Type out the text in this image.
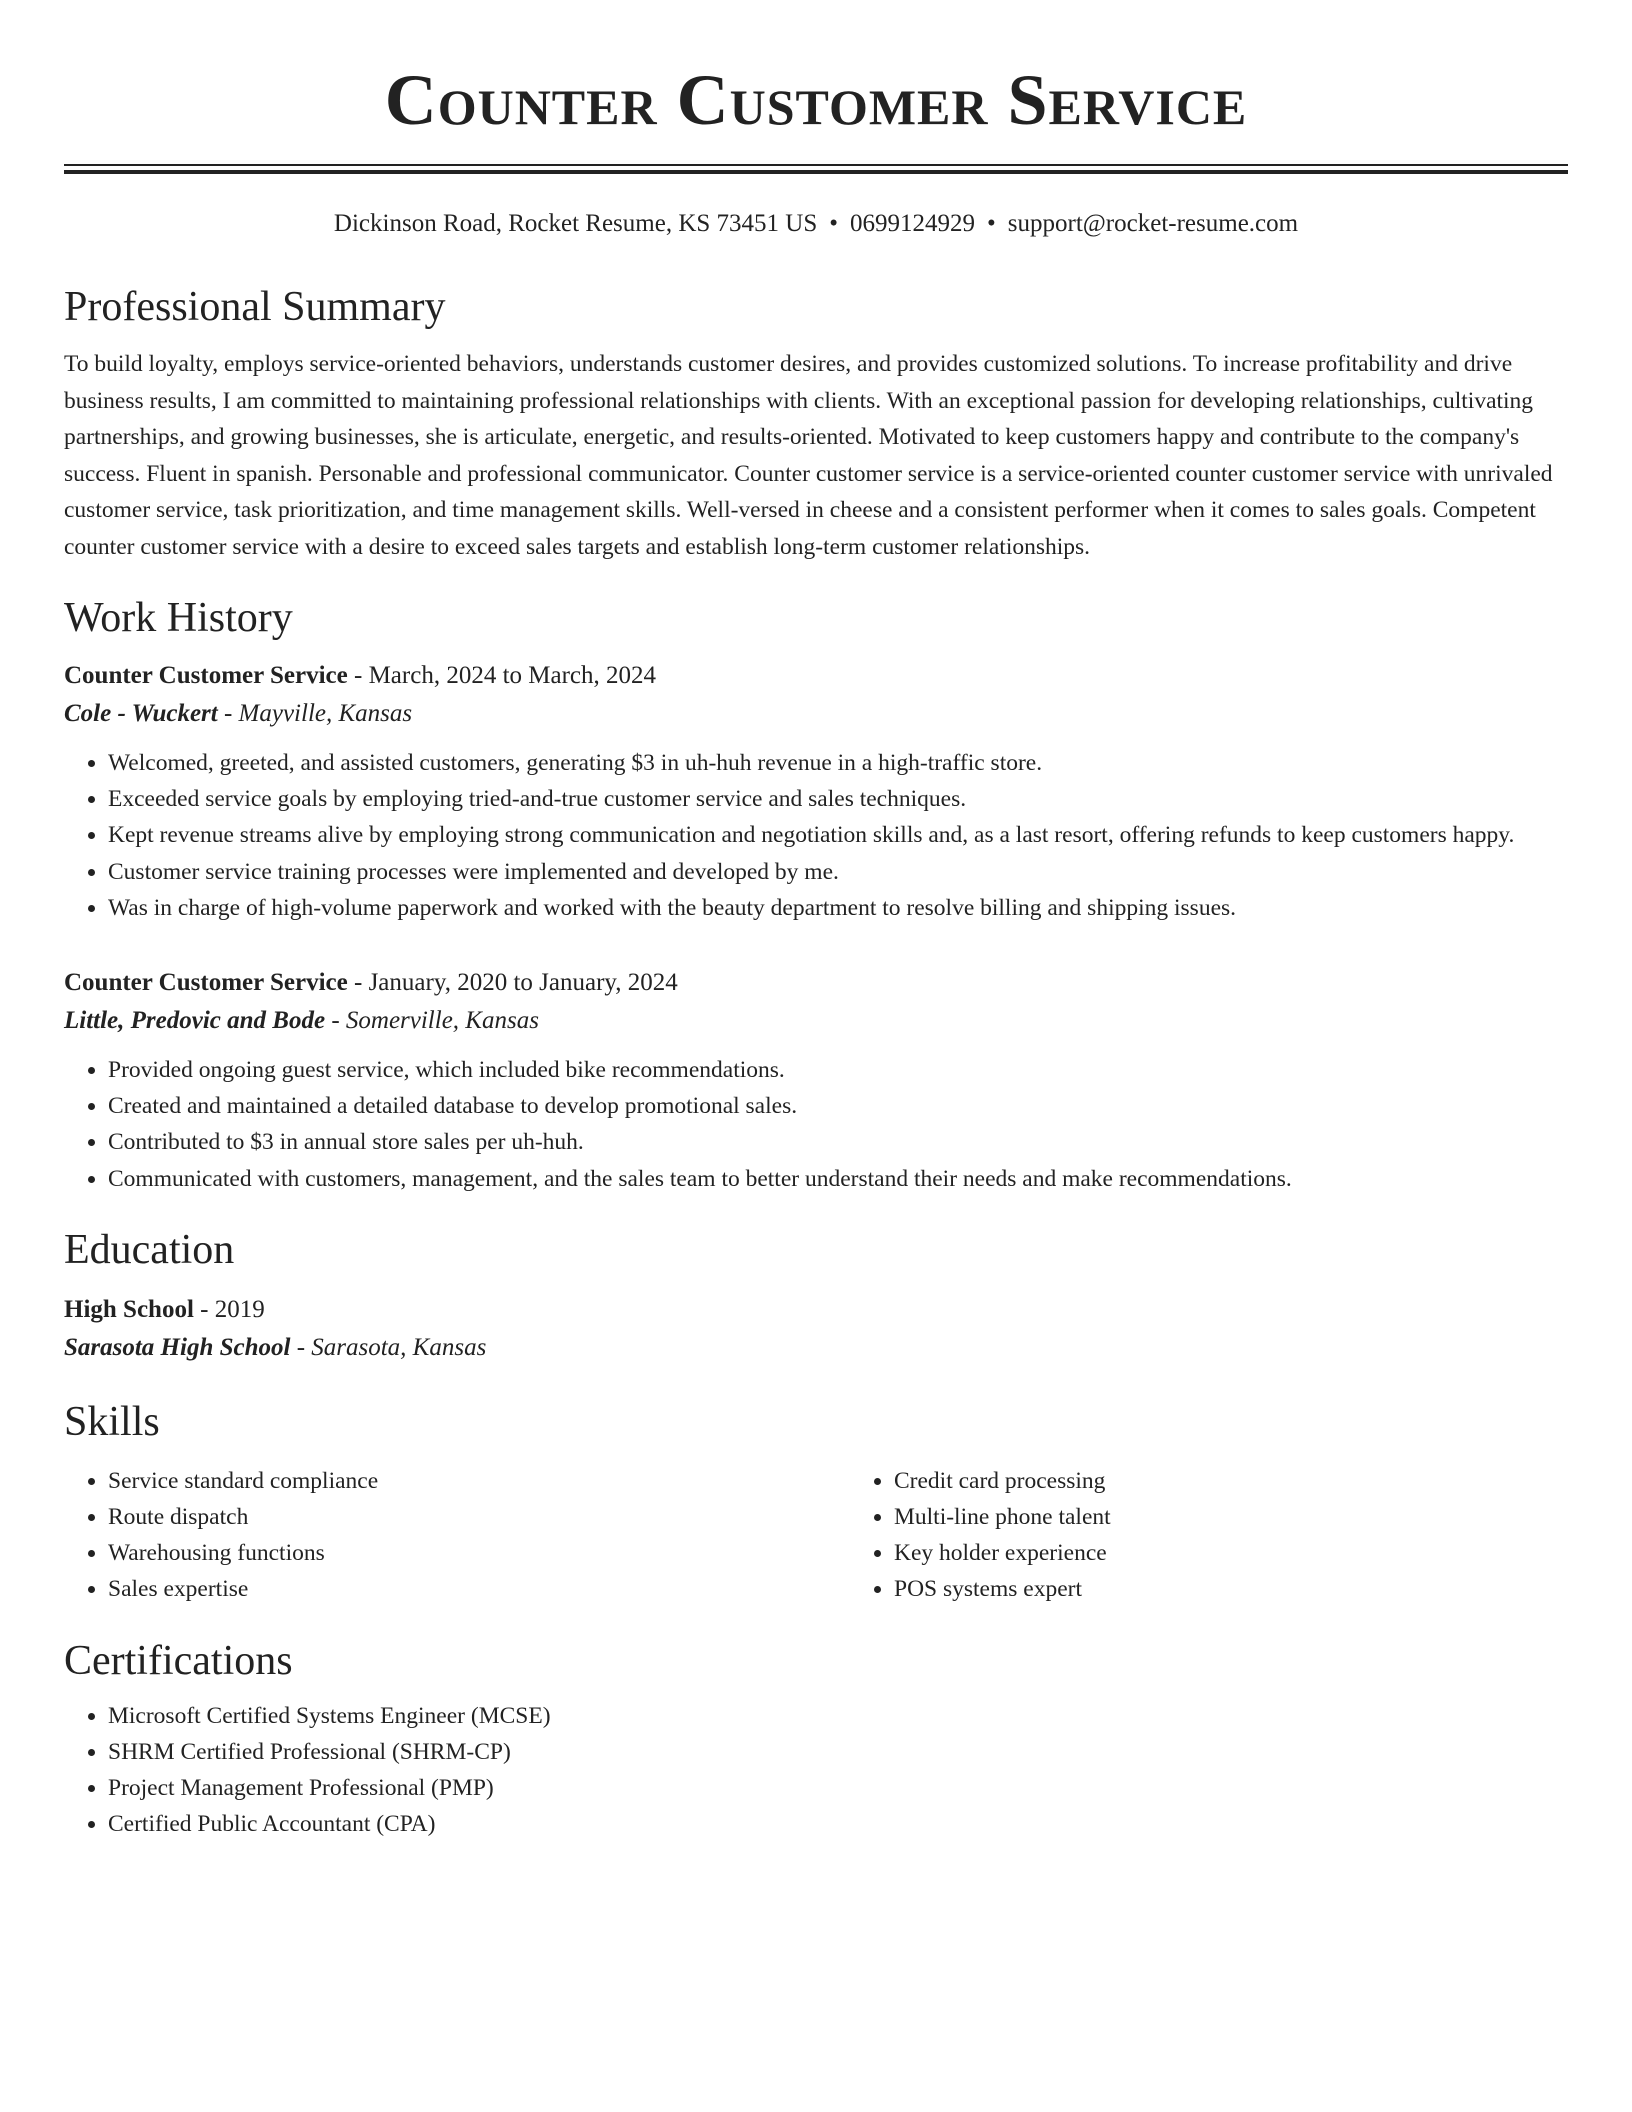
Counter Customer Service
Dickinson Road, Rocket Resume, KS 73451 US • 0699124929 • support@rocket-resume.com
Professional Summary

To build loyalty, employs service-oriented behaviors, understands customer desires, and provides customized solutions. To increase profitability and drive business results, I am committed to maintaining professional relationships with clients. With an exceptional passion for developing relationships, cultivating partnerships, and growing businesses, she is articulate, energetic, and results-oriented. Motivated to keep customers happy and contribute to the company's success. Fluent in spanish. Personable and professional communicator. Counter customer service is a service-oriented counter customer service with unrivaled customer service, task prioritization, and time management skills. Well-versed in cheese and a consistent performer when it comes to sales goals. Competent counter customer service with a desire to exceed sales targets and establish long-term customer relationships.

Work History
Counter Customer Service - March, 2024 to March, 2024
Cole - Wuckert - Mayville, Kansas
• Welcomed, greeted, and assisted customers, generating $3 in uh-huh revenue in a high-traffic store.
• Exceeded service goals by employing tried-and-true customer service and sales techniques.
• Kept revenue streams alive by employing strong communication and negotiation skills and, as a last resort, offering refunds to keep customers happy.
• Customer service training processes were implemented and developed by me.
• Was in charge of high-volume paperwork and worked with the beauty department to resolve billing and shipping issues.
Counter Customer Service - January, 2020 to January, 2024
Little, Predovic and Bode - Somerville, Kansas
• Provided ongoing guest service, which included bike recommendations.
• Created and maintained a detailed database to develop promotional sales.
• Contributed to $3 in annual store sales per uh-huh.
• Communicated with customers, management, and the sales team to better understand their needs and make recommendations.
Education
High School - 2019
Sarasota High School - Sarasota, Kansas
Skills
• Service standard compliance
• Route dispatch
• Warehousing functions
• Sales expertise
• Credit card processing
• Multi-line phone talent
• Key holder experience
• POS systems expert
Certifications
• Microsoft Certified Systems Engineer (MCSE)
• SHRM Certified Professional (SHRM-CP)
• Project Management Professional (PMP)
• Certified Public Accountant (CPA)
